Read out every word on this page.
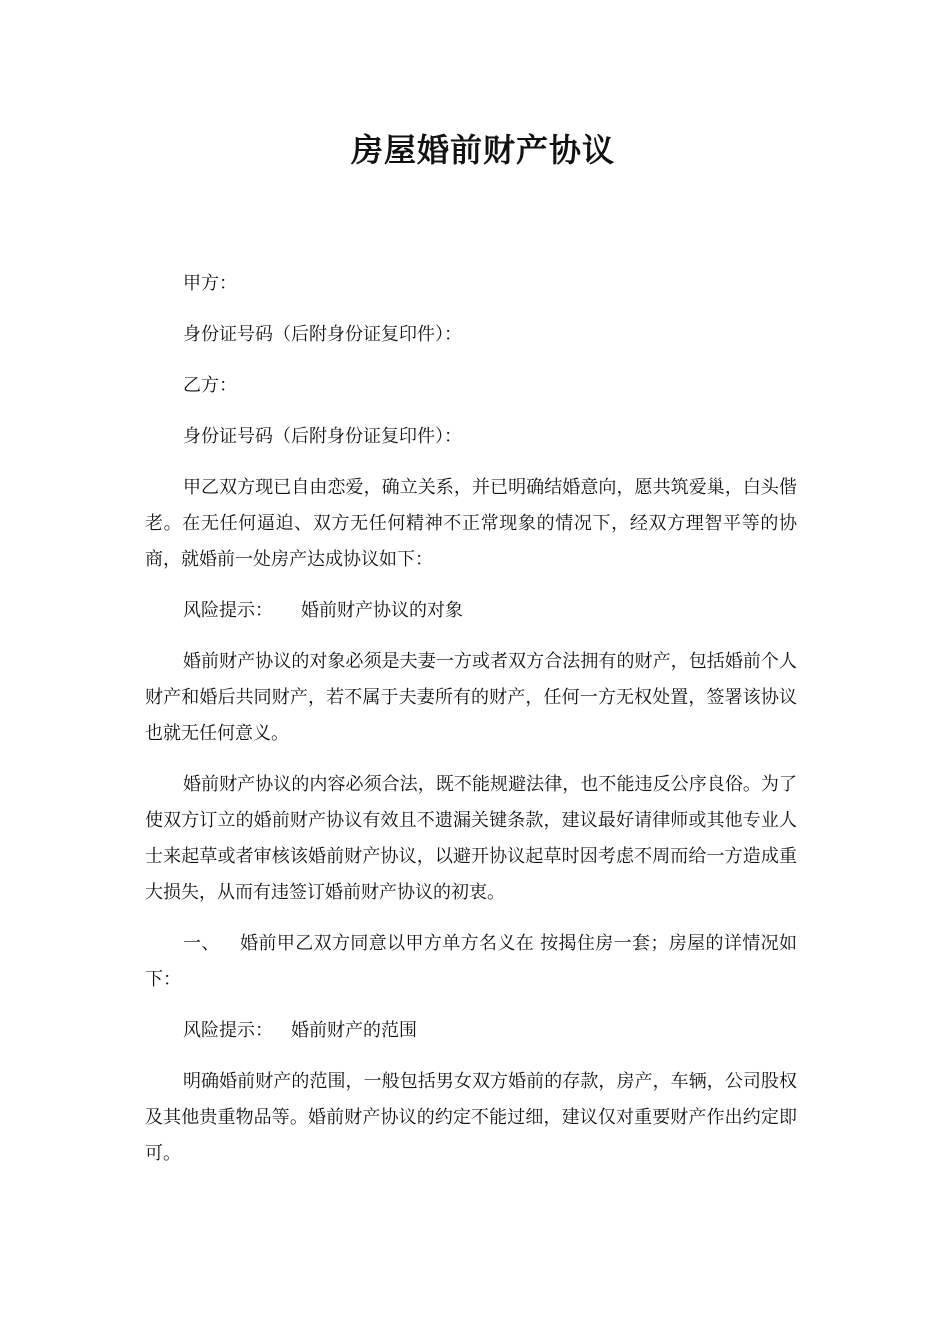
房屋婚前财产协议

甲方：

身份证号码（后附身份证复印件）：

乙方：

身份证号码（后附身份证复印件）：

甲乙双方现已自由恋爱，确立关系，并已明确结婚意向，愿共筑爱巢，白头偕老。在无任何逼迫、双方无任何精神不正常现象的情况下，经双方理智平等的协商，就婚前一处房产达成协议如下：

风险提示： 婚前财产协议的对象

婚前财产协议的对象必须是夫妻一方或者双方合法拥有的财产，包括婚前个人财产和婚后共同财产，若不属于夫妻所有的财产，任何一方无权处置，签署该协议也就无任何意义。

婚前财产协议的内容必须合法，既不能规避法律，也不能违反公序良俗。为了使双方订立的婚前财产协议有效且不遗漏关键条款，建议最好请律师或其他专业人士来起草或者审核该婚前财产协议，以避开协议起草时因考虑不周而给一方造成重大损失，从而有违签订婚前财产协议的初衷。

一、 婚前甲乙双方同意以甲方单方名义在 按揭住房一套；房屋的详情况如下：

风险提示： 婚前财产的范围

明确婚前财产的范围，一般包括男女双方婚前的存款，房产，车辆，公司股权及其他贵重物品等。婚前财产协议的约定不能过细，建议仅对重要财产作出约定即可。
